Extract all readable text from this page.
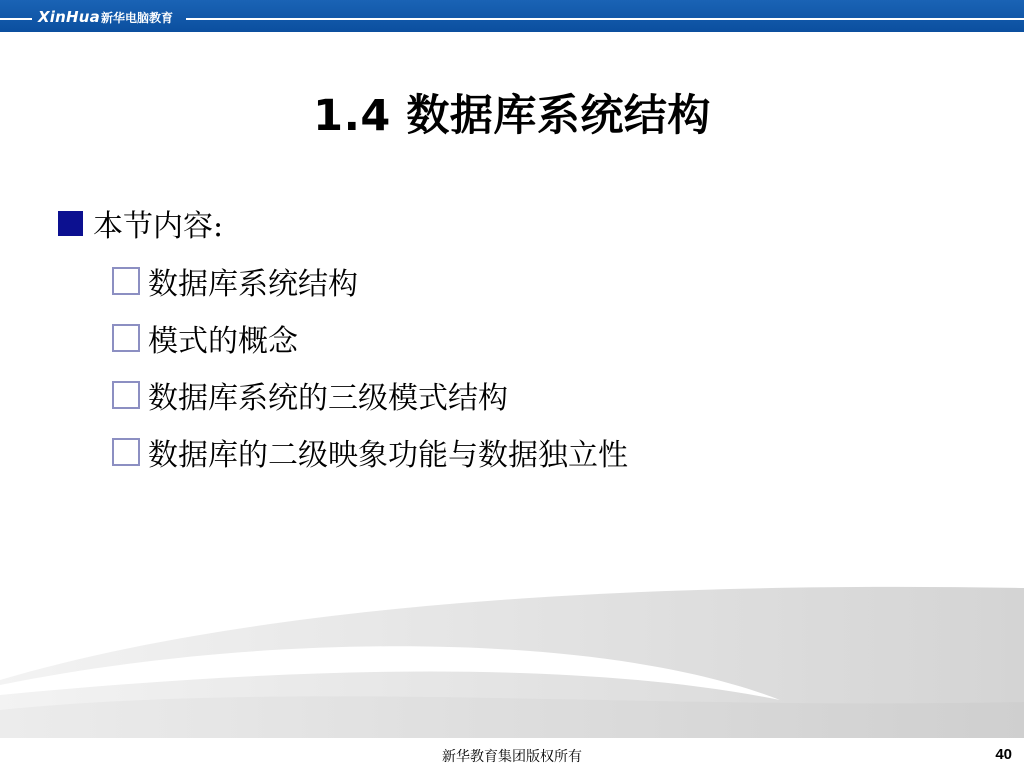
XinHua 新华电脑教育
1.4 数据库系统结构
本节内容:
数据库系统结构
模式的概念
数据库系统的三级模式结构
数据库的二级映象功能与数据独立性
新华教育集团版权所有	40
